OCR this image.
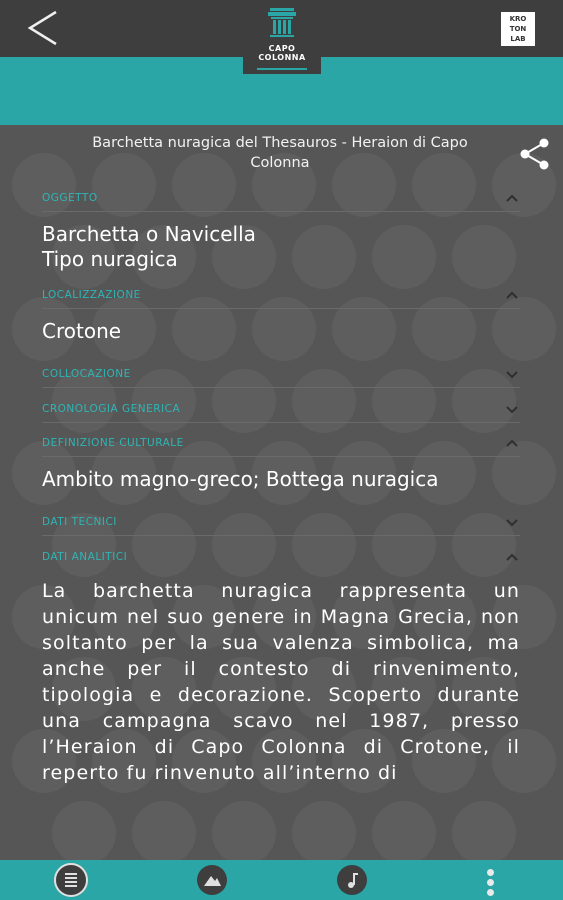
KRO
TON
LAB
CAPO
COLONNA
Barchetta nuragica del Thesauros - Heraion di Capo Colonna
OGGETTO
Barchetta o Navicella
Tipo nuragica
LOCALIZZAZIONE
Crotone
COLLOCAZIONE
CRONOLOGIA GENERICA
DEFINIZIONE CULTURALE
Ambito magno-greco; Bottega nuragica
DATI TECNICI
DATI ANALITICI
La barchetta nuragica rappresenta un unicum nel suo genere in Magna Grecia, non soltanto per la sua valenza simbolica, ma anche per il contesto di rinvenimento, tipologia e decorazione. Scoperto durante una campagna scavo nel 1987, presso l’Heraion di Capo Colonna di Crotone, il reperto fu rinvenuto all’interno di
